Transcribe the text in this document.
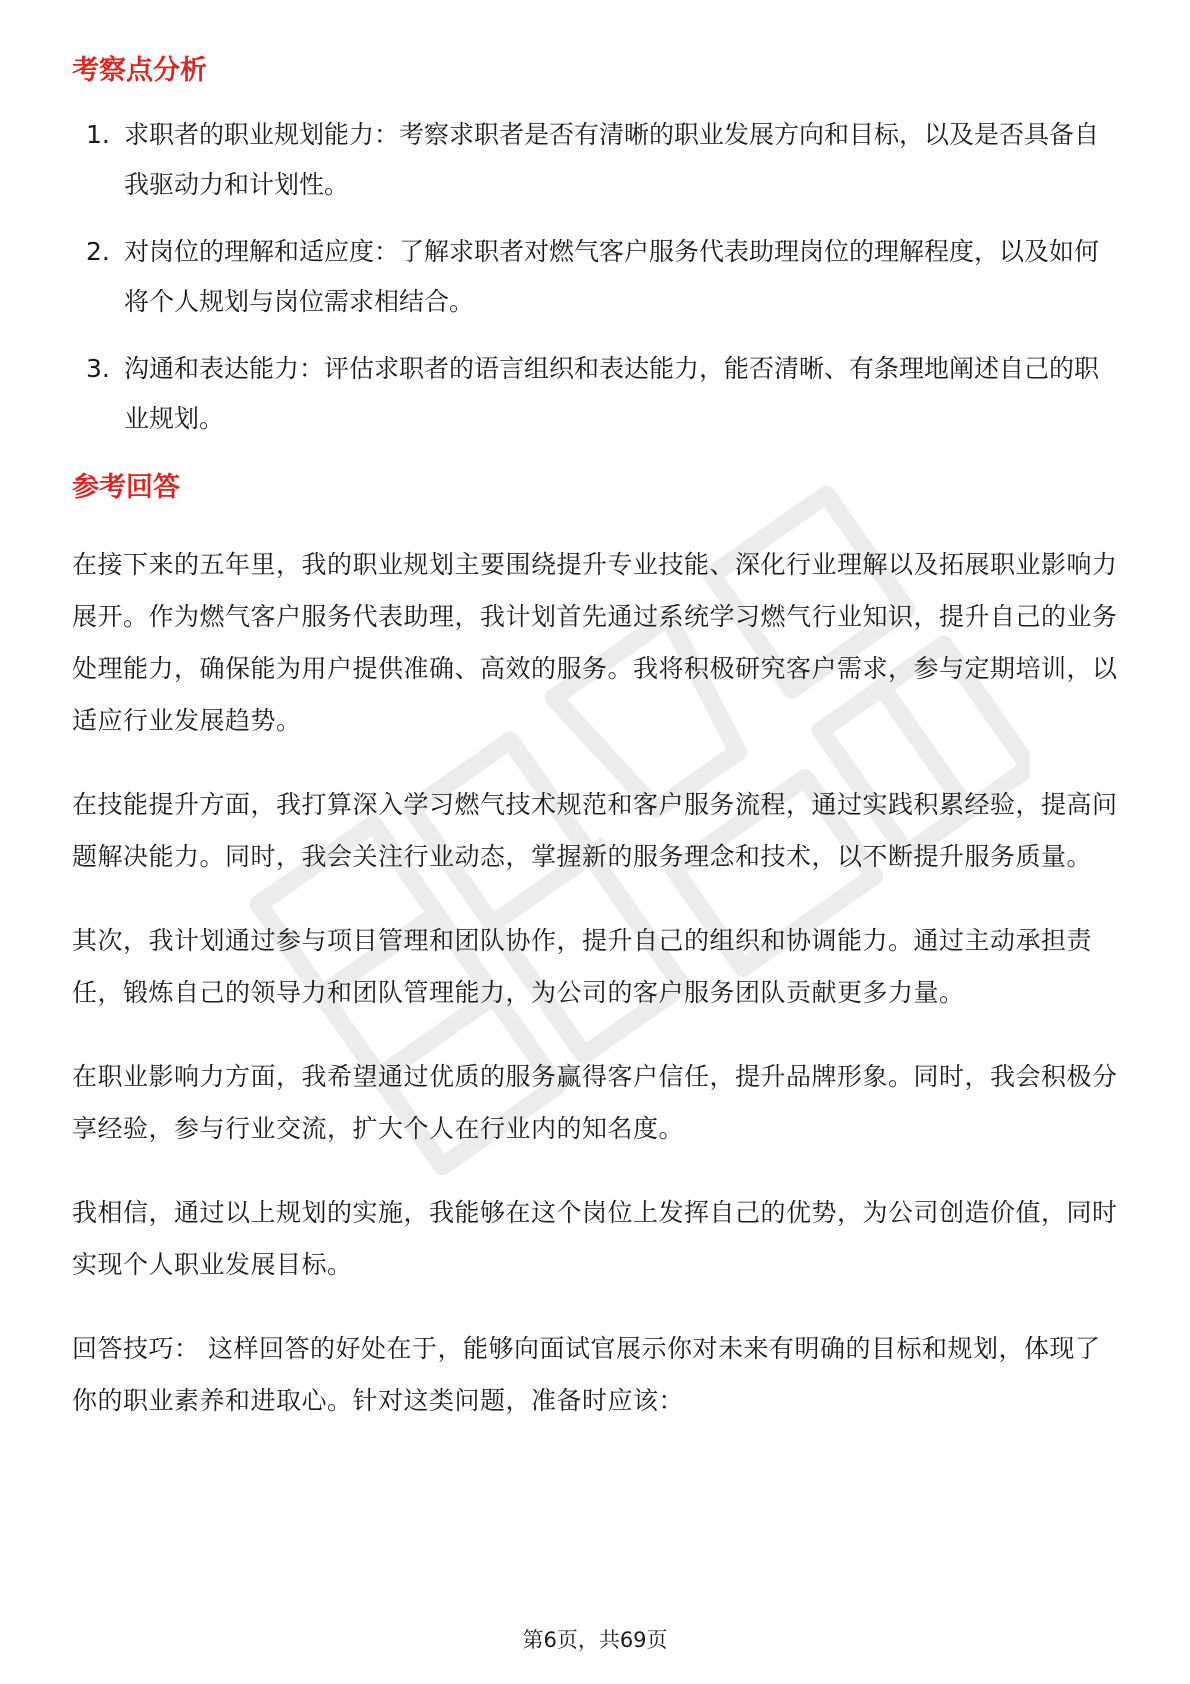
考察点分析
1. 求职者的职业规划能力：考察求职者是否有清晰的职业发展方向和目标，以及是否具备自我驱动力和计划性。
2. 对岗位的理解和适应度：了解求职者对燃气客户服务代表助理岗位的理解程度，以及如何将个人规划与岗位需求相结合。
3. 沟通和表达能力：评估求职者的语言组织和表达能力，能否清晰、有条理地阐述自己的职业规划。
参考回答

在接下来的五年里，我的职业规划主要围绕提升专业技能、深化行业理解以及拓展职业影响力展开。作为燃气客户服务代表助理，我计划首先通过系统学习燃气行业知识，提升自己的业务处理能力，确保能为用户提供准确、高效的服务。我将积极研究客户需求，参与定期培训，以适应行业发展趋势。

在技能提升方面，我打算深入学习燃气技术规范和客户服务流程，通过实践积累经验，提高问题解决能力。同时，我会关注行业动态，掌握新的服务理念和技术，以不断提升服务质量。

其次，我计划通过参与项目管理和团队协作，提升自己的组织和协调能力。通过主动承担责任，锻炼自己的领导力和团队管理能力，为公司的客户服务团队贡献更多力量。

在职业影响力方面，我希望通过优质的服务赢得客户信任，提升品牌形象。同时，我会积极分享经验，参与行业交流，扩大个人在行业内的知名度。

我相信，通过以上规划的实施，我能够在这个岗位上发挥自己的优势，为公司创造价值，同时实现个人职业发展目标。

回答技巧： 这样回答的好处在于，能够向面试官展示你对未来有明确的目标和规划，体现了你的职业素养和进取心。针对这类问题，准备时应该：

第6页，共69页
